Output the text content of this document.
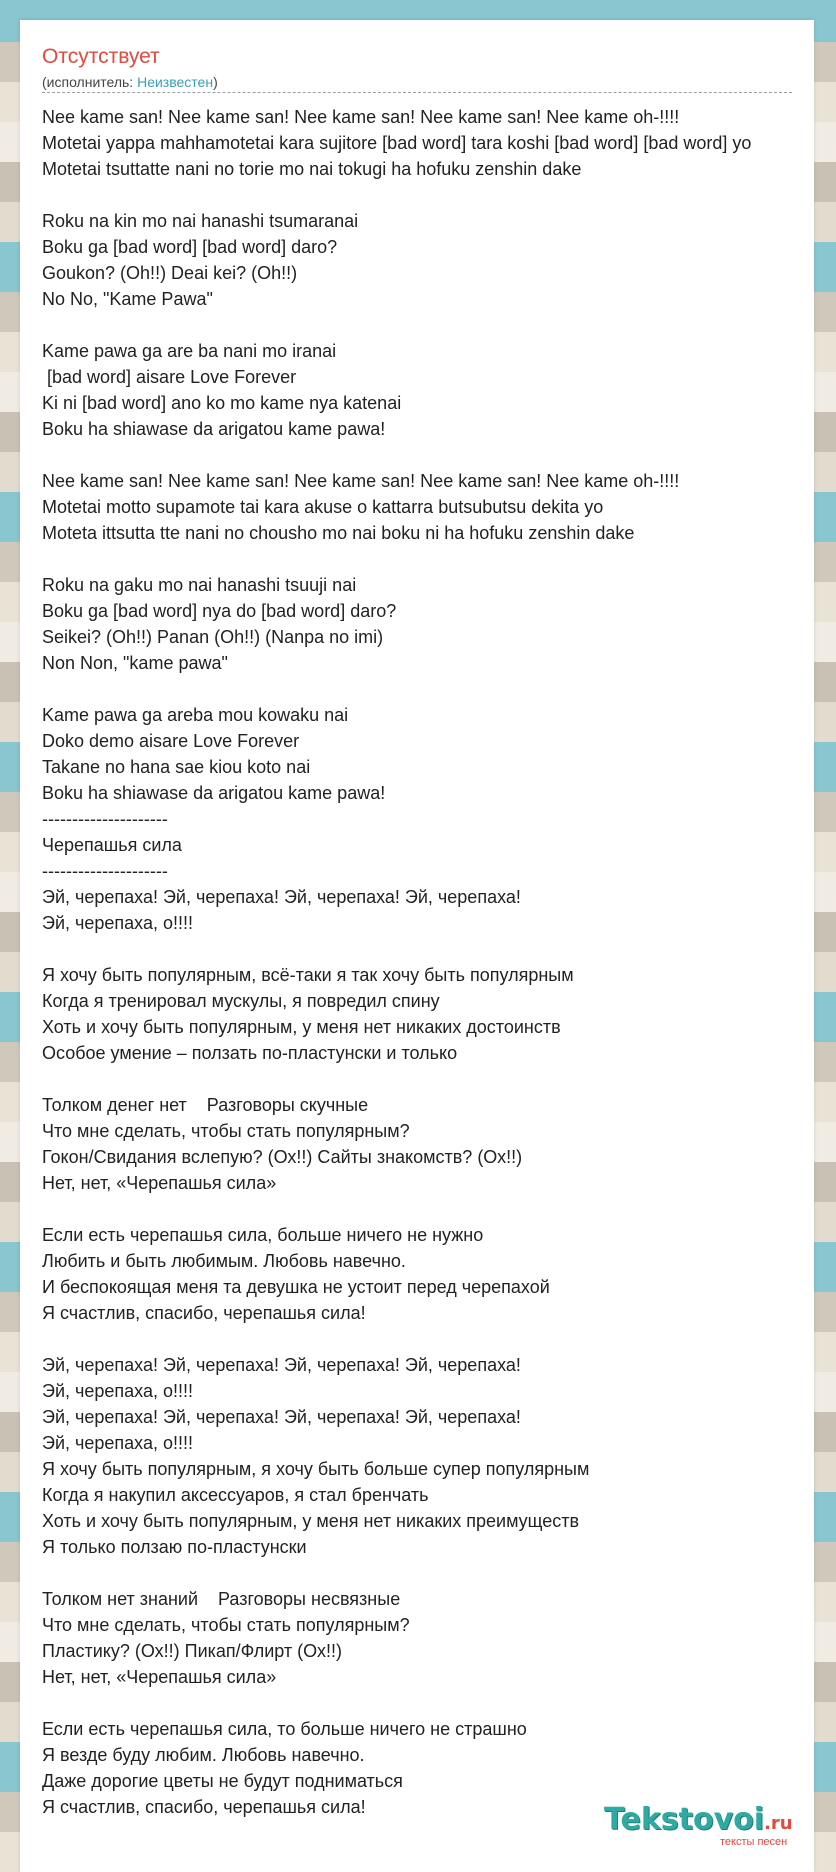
Отсутствует
(исполнитель: Неизвестен)
Nee kame san! Nee kame san! Nee kame san! Nee kame san! Nee kame oh-!!!!
Motetai yappa mahhamotetai kara sujitore [bad word] tara koshi [bad word] [bad word] yo
Motetai tsuttatte nani no torie mo nai tokugi ha hofuku zenshin dake
Roku na kin mo nai hanashi tsumaranai
Boku ga [bad word] [bad word] daro?
Goukon? (Oh!!) Deai kei? (Oh!!)
No No, "Kame Pawa"
Kame pawa ga are ba nani mo iranai
[bad word] aisare Love Forever
Ki ni [bad word] ano ko mo kame nya katenai
Boku ha shiawase da arigatou kame pawa!
Nee kame san! Nee kame san! Nee kame san! Nee kame san! Nee kame oh-!!!!
Motetai motto supamote tai kara akuse o kattarra butsubutsu dekita yo
Moteta ittsutta tte nani no chousho mo nai boku ni ha hofuku zenshin dake
Roku na gaku mo nai hanashi tsuuji nai
Boku ga [bad word] nya do [bad word] daro?
Seikei? (Oh!!) Panan (Oh!!) (Nanpa no imi)
Non Non, "kame pawa"
Kame pawa ga areba mou kowaku nai
Doko demo aisare Love Forever
Takane no hana sae kiou koto nai
Boku ha shiawase da arigatou kame pawa!
---------------------
Черепашья сила
---------------------
Эй, черепаха! Эй, черепаха! Эй, черепаха! Эй, черепаха!
Эй, черепаха, о!!!!
Я хочу быть популярным, всё-таки я так хочу быть популярным
Когда я тренировал мускулы, я повредил спину
Хоть и хочу быть популярным, у меня нет никаких достоинств
Особое умение – ползать по-пластунски и только
Толком денег нет    Разговоры скучные
Что мне сделать, чтобы стать популярным?
Гокон/Свидания вслепую? (Ох!!) Сайты знакомств? (Ох!!)
Нет, нет, «Черепашья сила»
Если есть черепашья сила, больше ничего не нужно
Любить и быть любимым. Любовь навечно.
И беспокоящая меня та девушка не устоит перед черепахой
Я счастлив, спасибо, черепашья сила!
Эй, черепаха! Эй, черепаха! Эй, черепаха! Эй, черепаха!
Эй, черепаха, о!!!!
Эй, черепаха! Эй, черепаха! Эй, черепаха! Эй, черепаха!
Эй, черепаха, о!!!!
Я хочу быть популярным, я хочу быть больше супер популярным
Когда я накупил аксессуаров, я стал бренчать
Хоть и хочу быть популярным, у меня нет никаких преимуществ
Я только ползаю по-пластунски
Толком нет знаний    Разговоры несвязные
Что мне сделать, чтобы стать популярным?
Пластику? (Ох!!) Пикап/Флирт (Ох!!)
Нет, нет, «Черепашья сила»
Если есть черепашья сила, то больше ничего не страшно
Я везде буду любим. Любовь навечно.
Даже дорогие цветы не будут подниматься
Я счастлив, спасибо, черепашья сила!	Tekstovoi.ru
тексты песен
